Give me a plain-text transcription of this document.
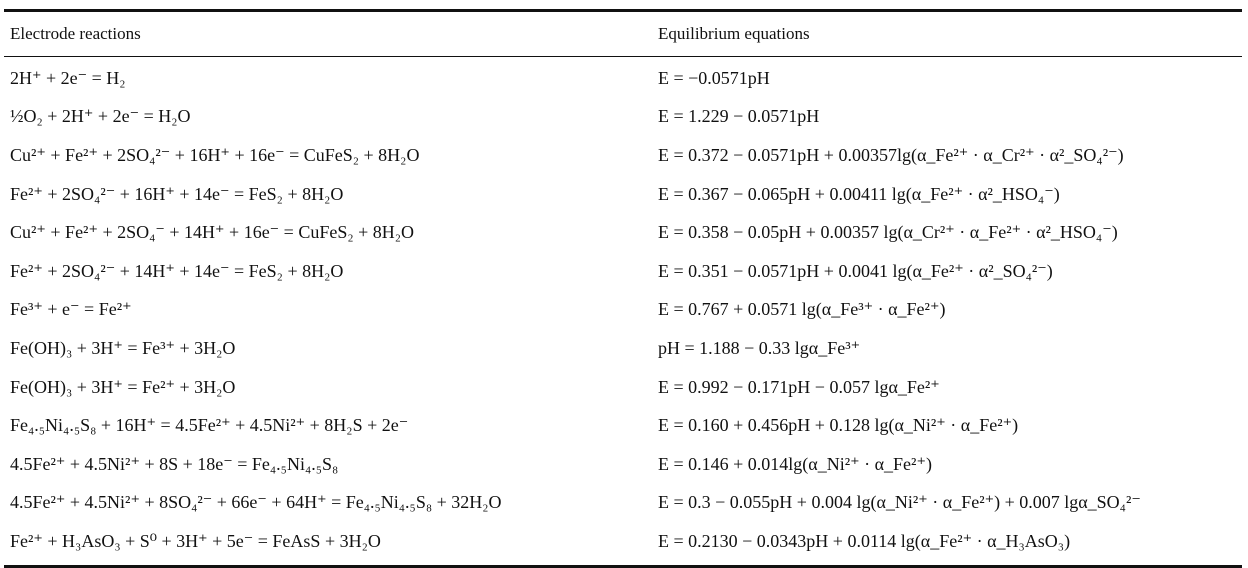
Electrode reactions	Equilibrium equations
2H⁺ + 2e⁻ = H₂	E = −0.0571pH
½O₂ + 2H⁺ + 2e⁻ = H₂O	E = 1.229 − 0.0571pH
Cu²⁺ + Fe²⁺ + 2SO₄²⁻ + 16H⁺ + 16e⁻ = CuFeS₂ + 8H₂O	E = 0.372 − 0.0571pH + 0.00357lg(α_Fe²⁺ · α_Cr²⁺ · α²_SO₄²⁻)
Fe²⁺ + 2SO₄²⁻ + 16H⁺ + 14e⁻ = FeS₂ + 8H₂O	E = 0.367 − 0.065pH + 0.00411 lg(α_Fe²⁺ · α²_HSO₄⁻)
Cu²⁺ + Fe²⁺ + 2SO₄⁻ + 14H⁺ + 16e⁻ = CuFeS₂ + 8H₂O	E = 0.358 − 0.05pH + 0.00357 lg(α_Cr²⁺ · α_Fe²⁺ · α²_HSO₄⁻)
Fe²⁺ + 2SO₄²⁻ + 14H⁺ + 14e⁻ = FeS₂ + 8H₂O	E = 0.351 − 0.0571pH + 0.0041 lg(α_Fe²⁺ · α²_SO₄²⁻)
Fe³⁺ + e⁻ = Fe²⁺	E = 0.767 + 0.0571 lg(α_Fe³⁺ · α_Fe²⁺)
Fe(OH)₃ + 3H⁺ = Fe³⁺ + 3H₂O	pH = 1.188 − 0.33 lgα_Fe³⁺
Fe(OH)₃ + 3H⁺ = Fe²⁺ + 3H₂O	E = 0.992 − 0.171pH − 0.057 lgα_Fe²⁺
Fe₄.₅Ni₄.₅S₈ + 16H⁺ = 4.5Fe²⁺ + 4.5Ni²⁺ + 8H₂S + 2e⁻	E = 0.160 + 0.456pH + 0.128 lg(α_Ni²⁺ · α_Fe²⁺)
4.5Fe²⁺ + 4.5Ni²⁺ + 8S + 18e⁻ = Fe₄.₅Ni₄.₅S₈	E = 0.146 + 0.014lg(α_Ni²⁺ · α_Fe²⁺)
4.5Fe²⁺ + 4.5Ni²⁺ + 8SO₄²⁻ + 66e⁻ + 64H⁺ = Fe₄.₅Ni₄.₅S₈ + 32H₂O	E = 0.3 − 0.055pH + 0.004 lg(α_Ni²⁺ · α_Fe²⁺) + 0.007 lgα_SO₄²⁻
Fe²⁺ + H₃AsO₃ + S⁰ + 3H⁺ + 5e⁻ = FeAsS + 3H₂O	E = 0.2130 − 0.0343pH + 0.0114 lg(α_Fe²⁺ · α_H₃AsO₃)
